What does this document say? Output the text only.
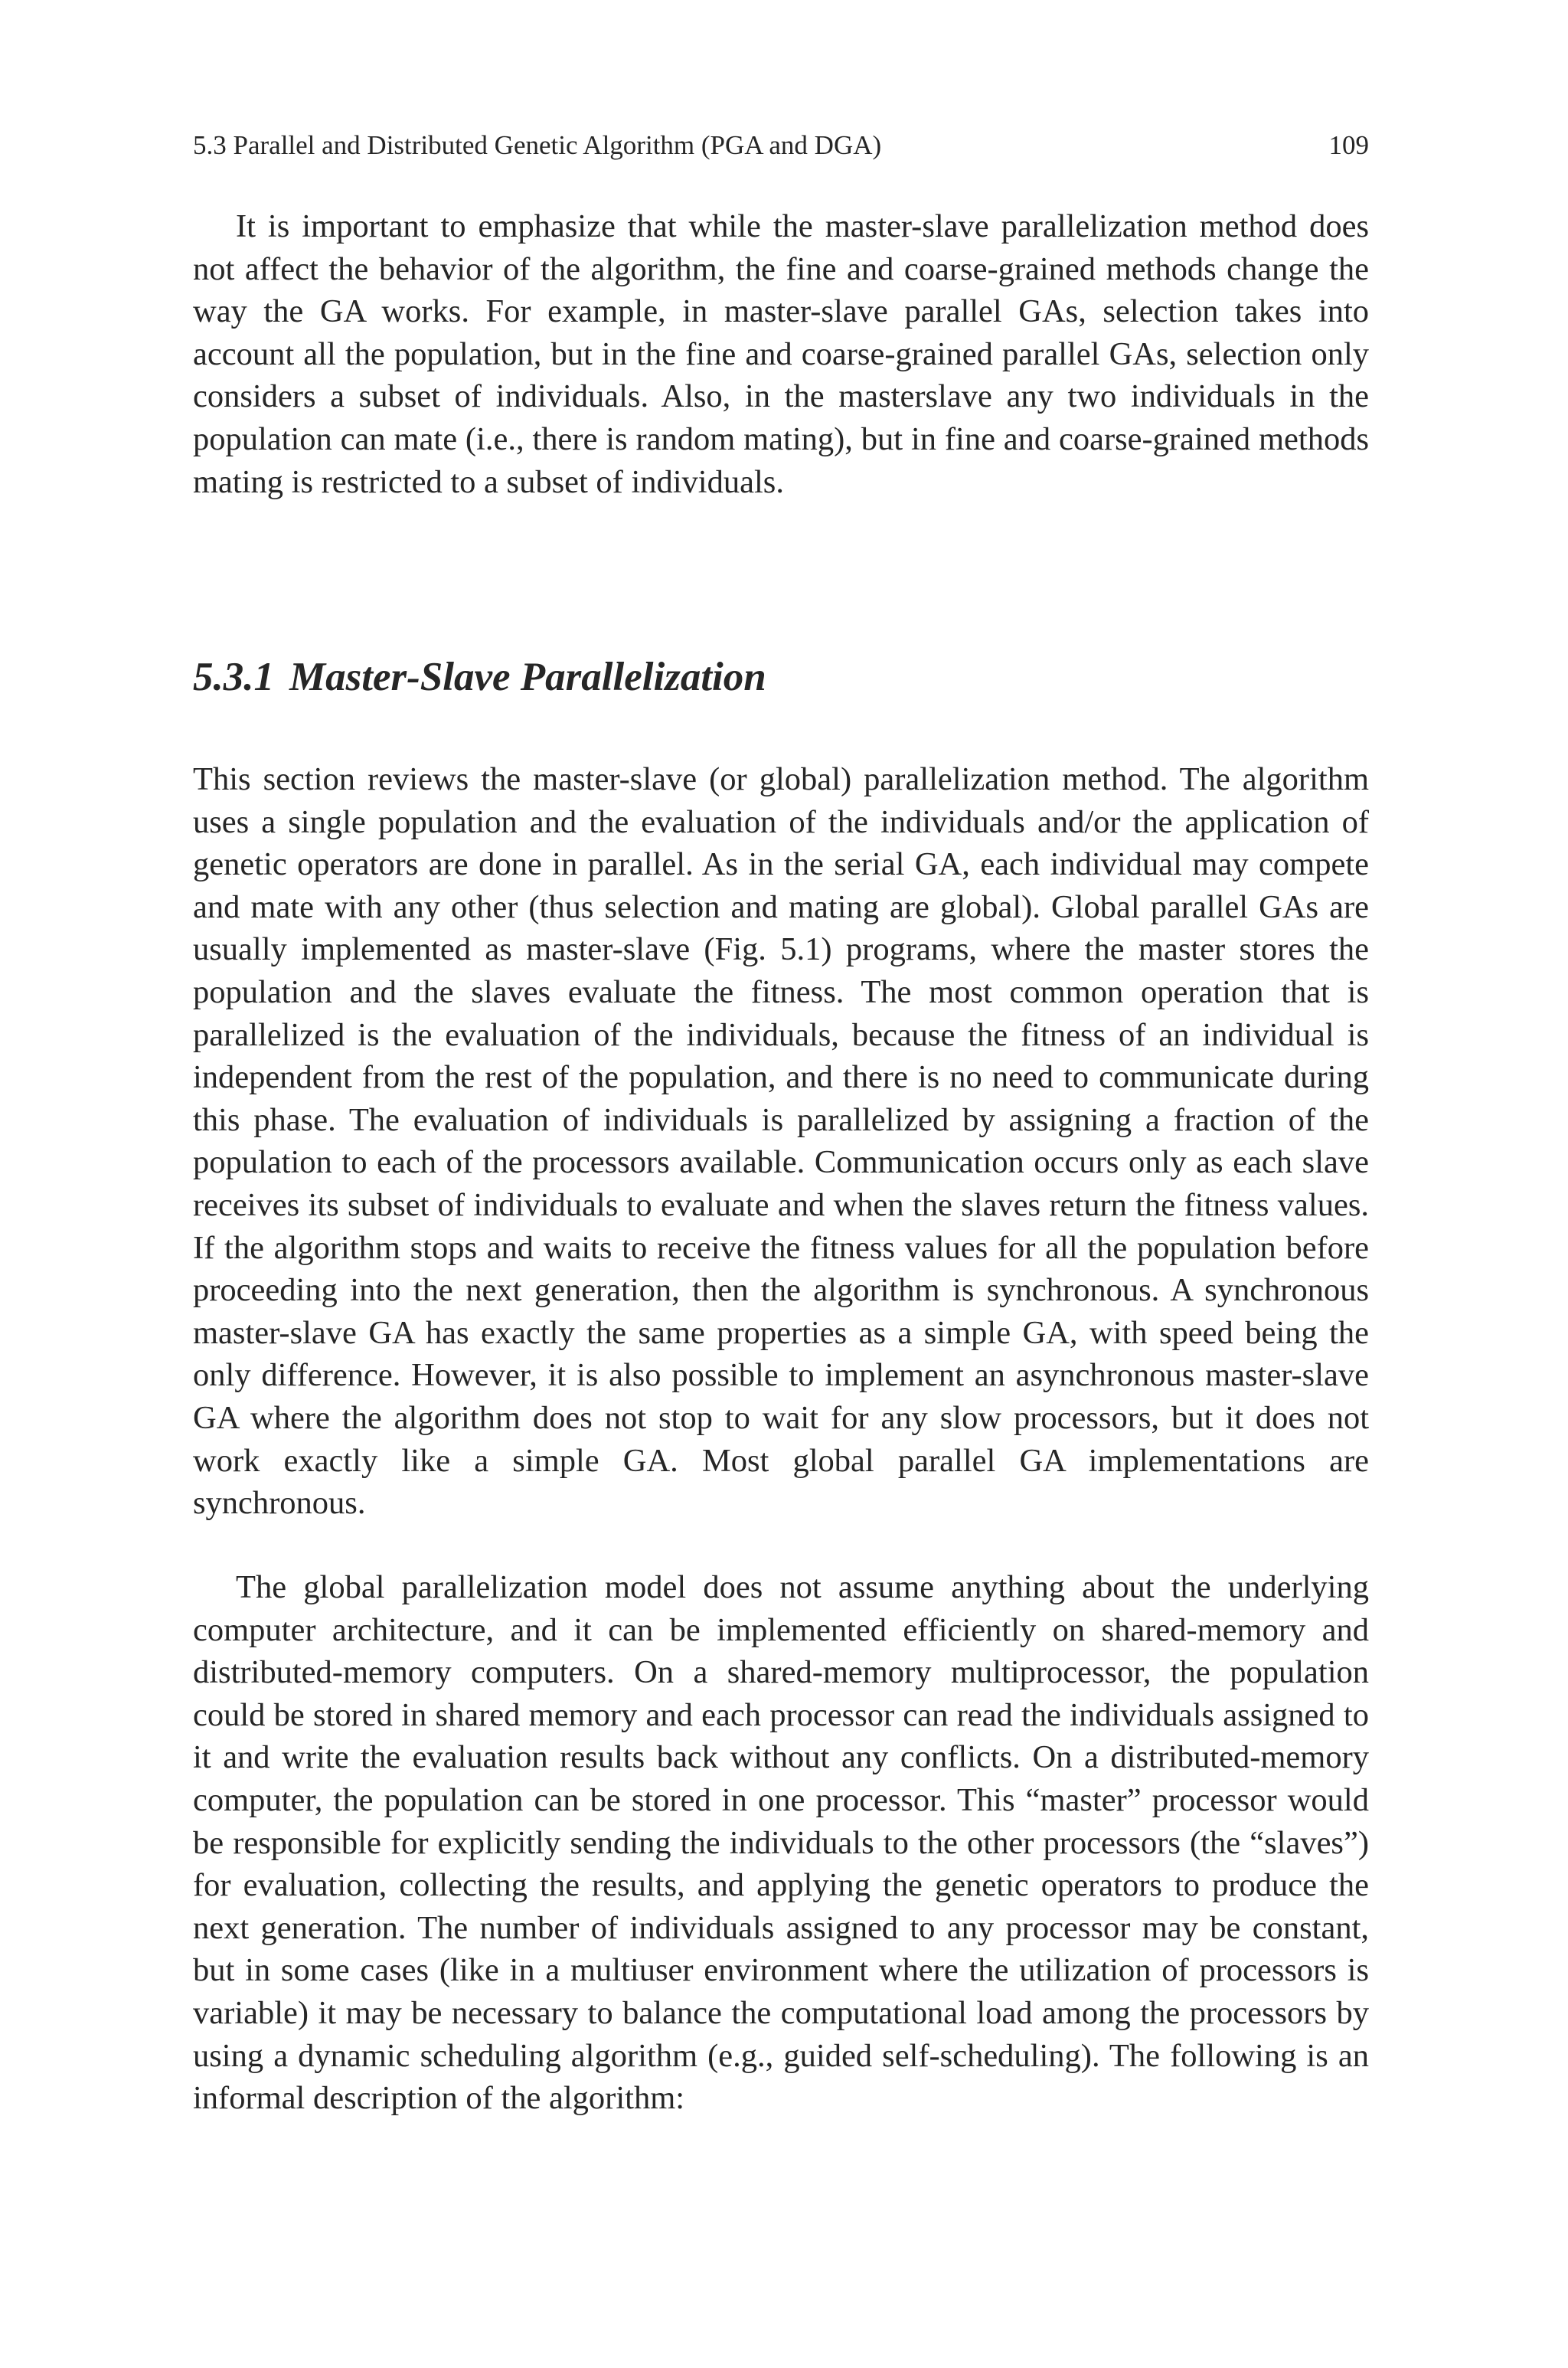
5.3 Parallel and Distributed Genetic Algorithm (PGA and DGA)	109

It is important to emphasize that while the master-slave parallelization method does not affect the behavior of the algorithm, the fine and coarse-grained methods change the way the GA works. For example, in master-slave parallel GAs, selection takes into account all the population, but in the fine and coarse-grained parallel GAs, selection only considers a subset of individuals. Also, in the masterslave any two individuals in the population can mate (i.e., there is random mating), but in fine and coarse-grained methods mating is restricted to a subset of individuals.

5.3.1 Master-Slave Parallelization

This section reviews the master-slave (or global) parallelization method. The algorithm uses a single population and the evaluation of the individuals and/or the application of genetic operators are done in parallel. As in the serial GA, each individual may compete and mate with any other (thus selection and mating are global). Global parallel GAs are usually implemented as master-slave (Fig. 5.1) programs, where the master stores the population and the slaves evaluate the fitness. The most common operation that is parallelized is the evaluation of the individuals, because the fitness of an individual is independent from the rest of the population, and there is no need to communicate during this phase. The evaluation of individuals is parallelized by assigning a fraction of the population to each of the processors available. Communication occurs only as each slave receives its subset of individuals to evaluate and when the slaves return the fitness values. If the algorithm stops and waits to receive the fitness values for all the population before proceeding into the next generation, then the algorithm is synchronous. A synchronous master-slave GA has exactly the same properties as a simple GA, with speed being the only difference. However, it is also possible to implement an asynchronous master-slave GA where the algorithm does not stop to wait for any slow processors, but it does not work exactly like a simple GA. Most global parallel GA implementations are synchronous.

The global parallelization model does not assume anything about the underlying computer architecture, and it can be implemented efficiently on shared-memory and distributed-memory computers. On a shared-memory multiprocessor, the population could be stored in shared memory and each processor can read the individuals assigned to it and write the evaluation results back without any conflicts. On a distributed-memory computer, the population can be stored in one processor. This “master” processor would be responsible for explicitly sending the individuals to the other processors (the “slaves”) for evaluation, collecting the results, and applying the genetic operators to produce the next generation. The number of individuals assigned to any processor may be constant, but in some cases (like in a multiuser environment where the utilization of processors is variable) it may be necessary to balance the computational load among the processors by using a dynamic scheduling algorithm (e.g., guided self-scheduling). The following is an informal description of the algorithm:
